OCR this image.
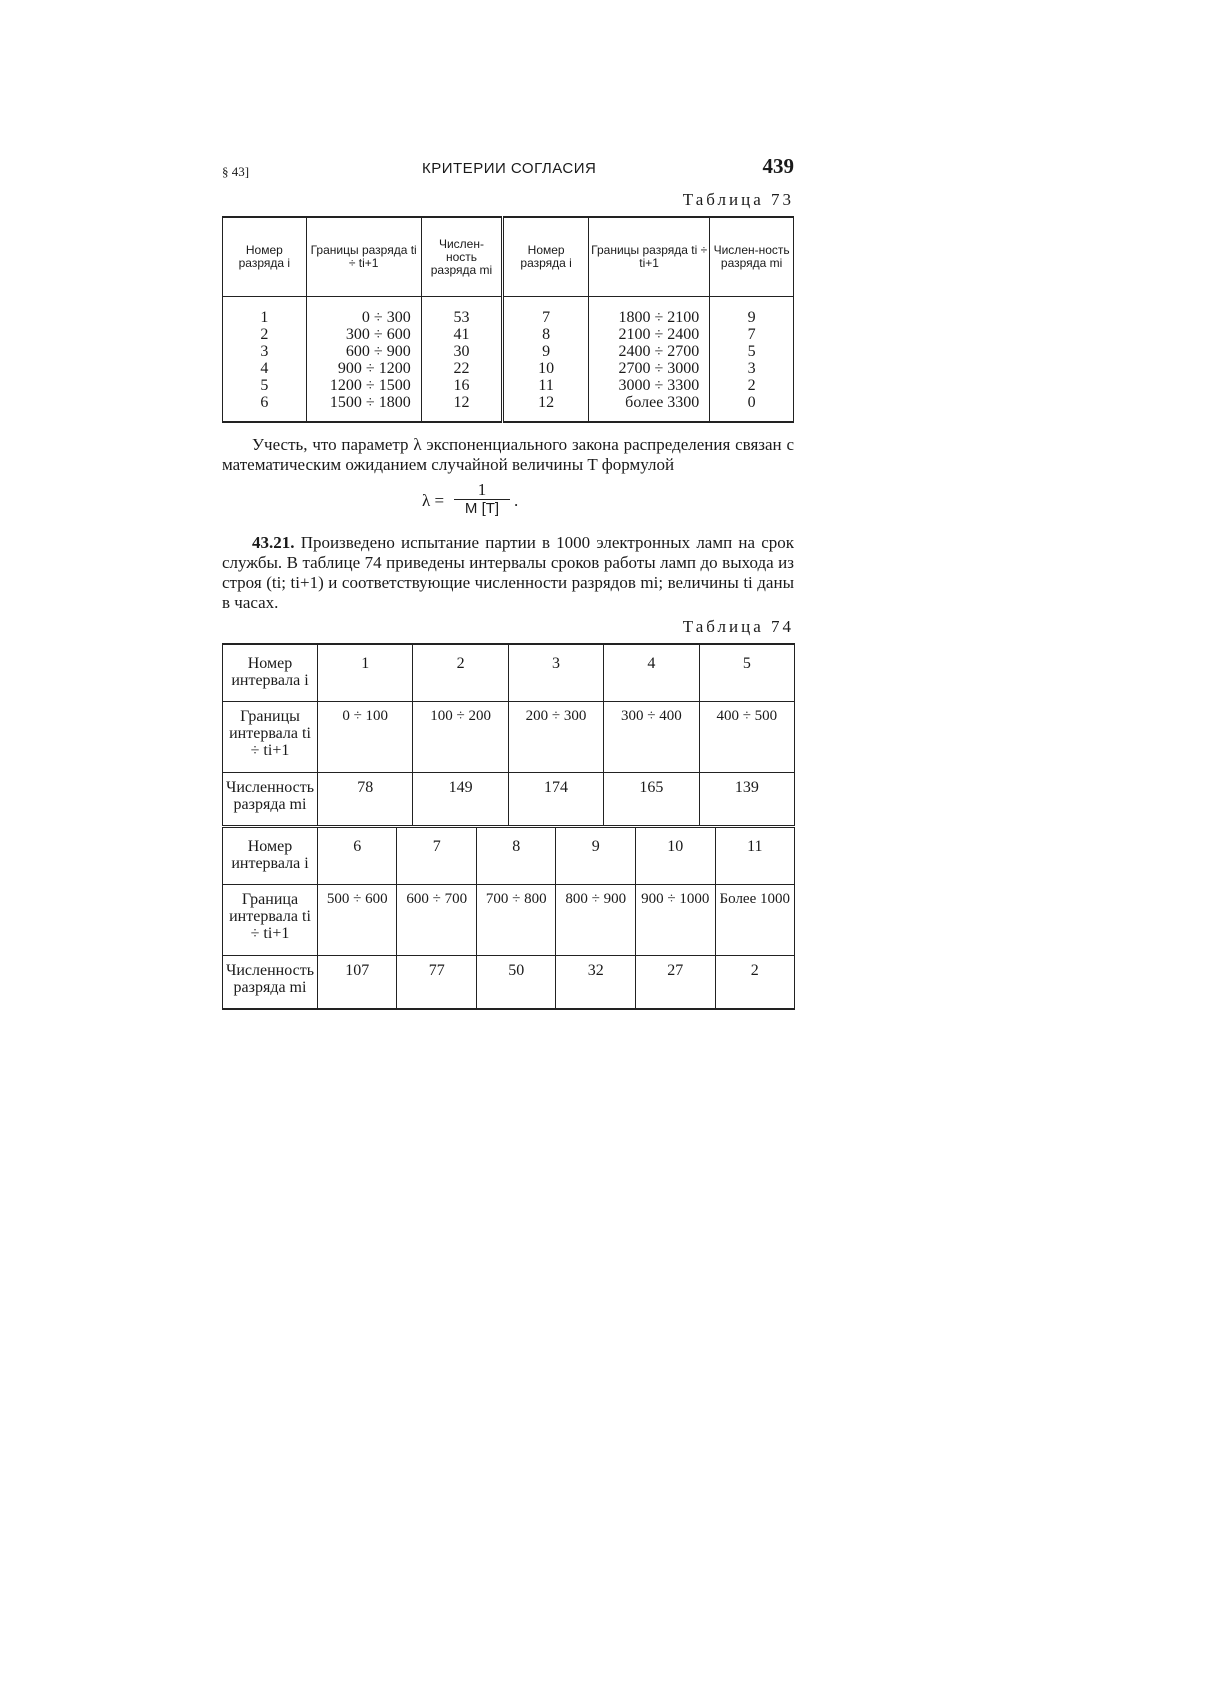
§ 43]	КРИТЕРИИ СОГЛАСИЯ	439
Таблица 73
Номер разряда i	Границы разряда ti ÷ ti+1	Числен-ность разряда mi	Номер разряда i	Границы разряда ti ÷ ti+1	Числен-ность разряда mi

1	0 ÷ 300	53	7	1800 ÷ 2100	9
2	300 ÷ 600	41	8	2100 ÷ 2400	7
3	600 ÷ 900	30	9	2400 ÷ 2700	5
4	900 ÷ 1200	22	10	2700 ÷ 3000	3
5	1200 ÷ 1500	16	11	3000 ÷ 3300	2
6	1500 ÷ 1800	12	12	более 3300	0

Учесть, что параметр λ экспоненциального закона распределения связан с математическим ожиданием случайной величины T формулой

$\lambda = \frac{1}{M [T]}$ .

43.21. Произведено испытание партии в 1000 электронных ламп на срок службы. В таблице 74 приведены интервалы сроков работы ламп до выхода из строя (ti; ti+1) и соответствующие численности разрядов mi; величины ti даны в часах.

Таблица 74
Номер интервала i	1		2		3		4		5	
Границы интервала ti ÷ ti+1	0 ÷ 100		100 ÷ 200		200 ÷ 300		300 ÷ 400		400 ÷ 500	
Численность разряда mi	78		149		174		165		139	
Номер интервала i	6	7		8		9		10		11
Граница интервала ti ÷ ti+1	500 ÷ 600	600 ÷ 700		700 ÷ 800		800 ÷ 900		900 ÷ 1000		Более 1000
Численность разряда mi	107	77		50		32		27		2
